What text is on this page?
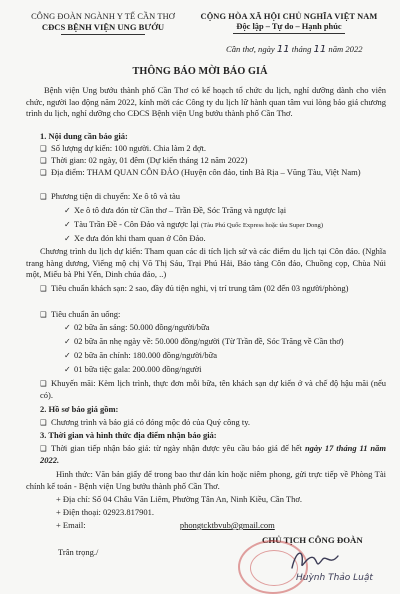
CÔNG ĐOÀN NGÀNH Y TẾ CẦN THƠ
CĐCS BỆNH VIỆN UNG BƯỚU
CỘNG HÒA XÃ HỘI CHỦ NGHĨA VIỆT NAM
Độc lập – Tự do – Hạnh phúc
Cần thơ, ngày 11 tháng 11 năm 2022
THÔNG BÁO MỜI BÁO GIÁ
Bệnh viện Ung bướu thành phố Cần Thơ có kế hoạch tổ chức du lịch, nghỉ dưỡng dành cho viên chức, người lao động năm 2022, kính mời các Công ty du lịch lữ hành quan tâm vui lòng báo giá chương trình du lịch, nghỉ dưỡng cho CĐCS Bệnh viện Ung bướu thành phố Cần Thơ.
1. Nội dung cần báo giá:
❑ Số lượng dự kiến: 100 người. Chia làm 2 đợt.
❑ Thời gian: 02 ngày, 01 đêm (Dự kiến tháng 12 năm 2022)
❑ Địa điểm: THAM QUAN CÔN ĐẢO (Huyện côn đảo, tỉnh Bà Rịa – Vũng Tàu, Việt Nam)
❑ Phương tiện di chuyển: Xe ô tô và tàu
✓ Xe ô tô đưa đón từ Cần thơ – Trần Đề, Sóc Trăng và ngược lại
✓ Tàu Trần Đề - Côn Đảo và ngược lại (Tàu Phú Quốc Express hoặc tàu Super Dong)
✓ Xe đưa đón khi tham quan ở Côn Đảo.
Chương trình du lịch dự kiến: Tham quan các di tích lịch sử và các điểm du lịch tại Côn đảo. (Nghĩa trang hàng dương, Viếng mộ chị Võ Thị Sáu, Trại Phú Hải, Bảo tàng Côn đảo, Chuồng cọp, Chùa Núi một, Miếu bà Phi Yến, Dinh chúa đảo, ..)
❑ Tiêu chuẩn khách sạn: 2 sao, đầy đủ tiện nghi, vị trí trung tâm (02 đến 03 người/phòng)
❑ Tiêu chuẩn ăn uống:
✓ 02 bữa ăn sáng: 50.000 đồng/người/bữa
✓ 02 bữa ăn nhẹ ngày về: 50.000 đồng/người (Từ Trần đề, Sóc Trăng về Cần thơ)
✓ 02 bữa ăn chính: 180.000 đồng/người/bữa
✓ 01 bữa tiệc gala: 200.000 đồng/người
❑ Khuyến mãi: Kèm lịch trình, thực đơn mỗi bữa, tên khách sạn dự kiến ở và chế độ hậu mãi (nếu có).
2. Hồ sơ báo giá gồm:
❑ Chương trình và báo giá có đóng mộc đỏ của Quý công ty.
3. Thời gian và hình thức địa điểm nhận báo giá:
❑ Thời gian tiếp nhận báo giá: từ ngày nhận được yêu cầu báo giá đế hết ngày 17 tháng 11 năm 2022.
Hình thức: Văn bản giấy để trong bao thư dán kín hoặc niêm phong, gửi trực tiếp về Phòng Tài chính kế toán - Bệnh viện Ung bướu thành phố Cần Thơ.
+ Địa chỉ: Số 04 Châu Văn Liêm, Phường Tân An, Ninh Kiều, Cần Thơ.
+ Điện thoại: 02923.817901.
+ Email:	phongtcktbvub@gmail.com
Trân trọng./
CHỦ TỊCH CÔNG ĐOÀN
Huỳnh Thảo Luật
